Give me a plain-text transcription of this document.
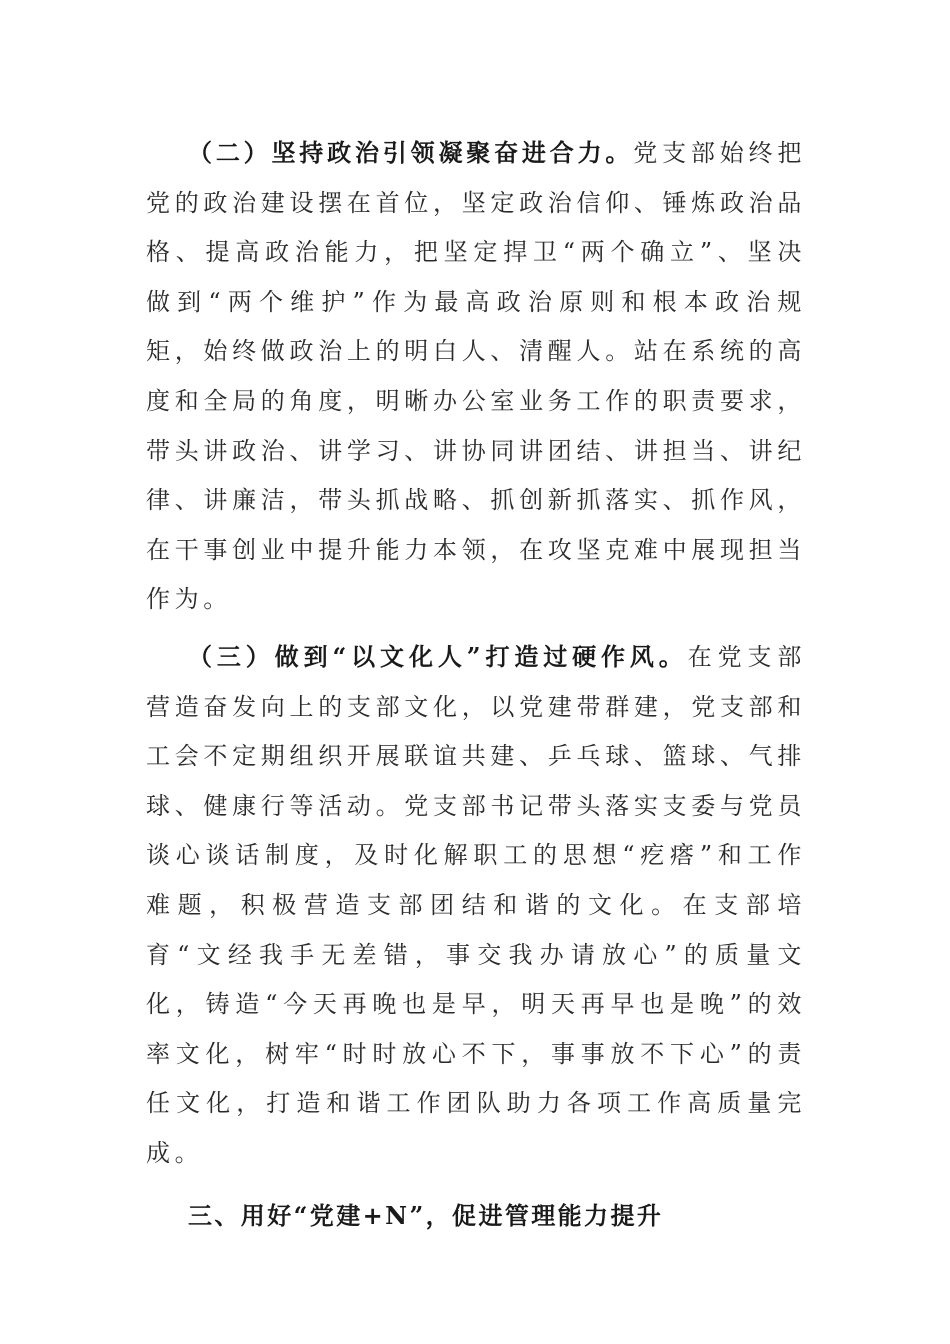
（二）坚持政治引领凝聚奋进合力。党支部始终把党的政治建设摆在首位，坚定政治信仰、锤炼政治品格、提高政治能力，把坚定捍卫“两个确立”、坚决做到“两个维护”作为最高政治原则和根本政治规矩，始终做政治上的明白人、清醒人。站在系统的高度和全局的角度，明晰办公室业务工作的职责要求，带头讲政治、讲学习、讲协同讲团结、讲担当、讲纪律、讲廉洁，带头抓战略、抓创新抓落实、抓作风，在干事创业中提升能力本领，在攻坚克难中展现担当作为。

（三）做到“以文化人”打造过硬作风。在党支部营造奋发向上的支部文化，以党建带群建，党支部和工会不定期组织开展联谊共建、乒乓球、篮球、气排球、健康行等活动。党支部书记带头落实支委与党员谈心谈话制度，及时化解职工的思想“疙瘩”和工作难题，积极营造支部团结和谐的文化。在支部培育“文经我手无差错，事交我办请放心”的质量文化，铸造“今天再晚也是早，明天再早也是晚”的效率文化，树牢“时时放心不下，事事放不下心”的责任文化，打造和谐工作团队助力各项工作高质量完成。

三、用好“党建+N”，促进管理能力提升
